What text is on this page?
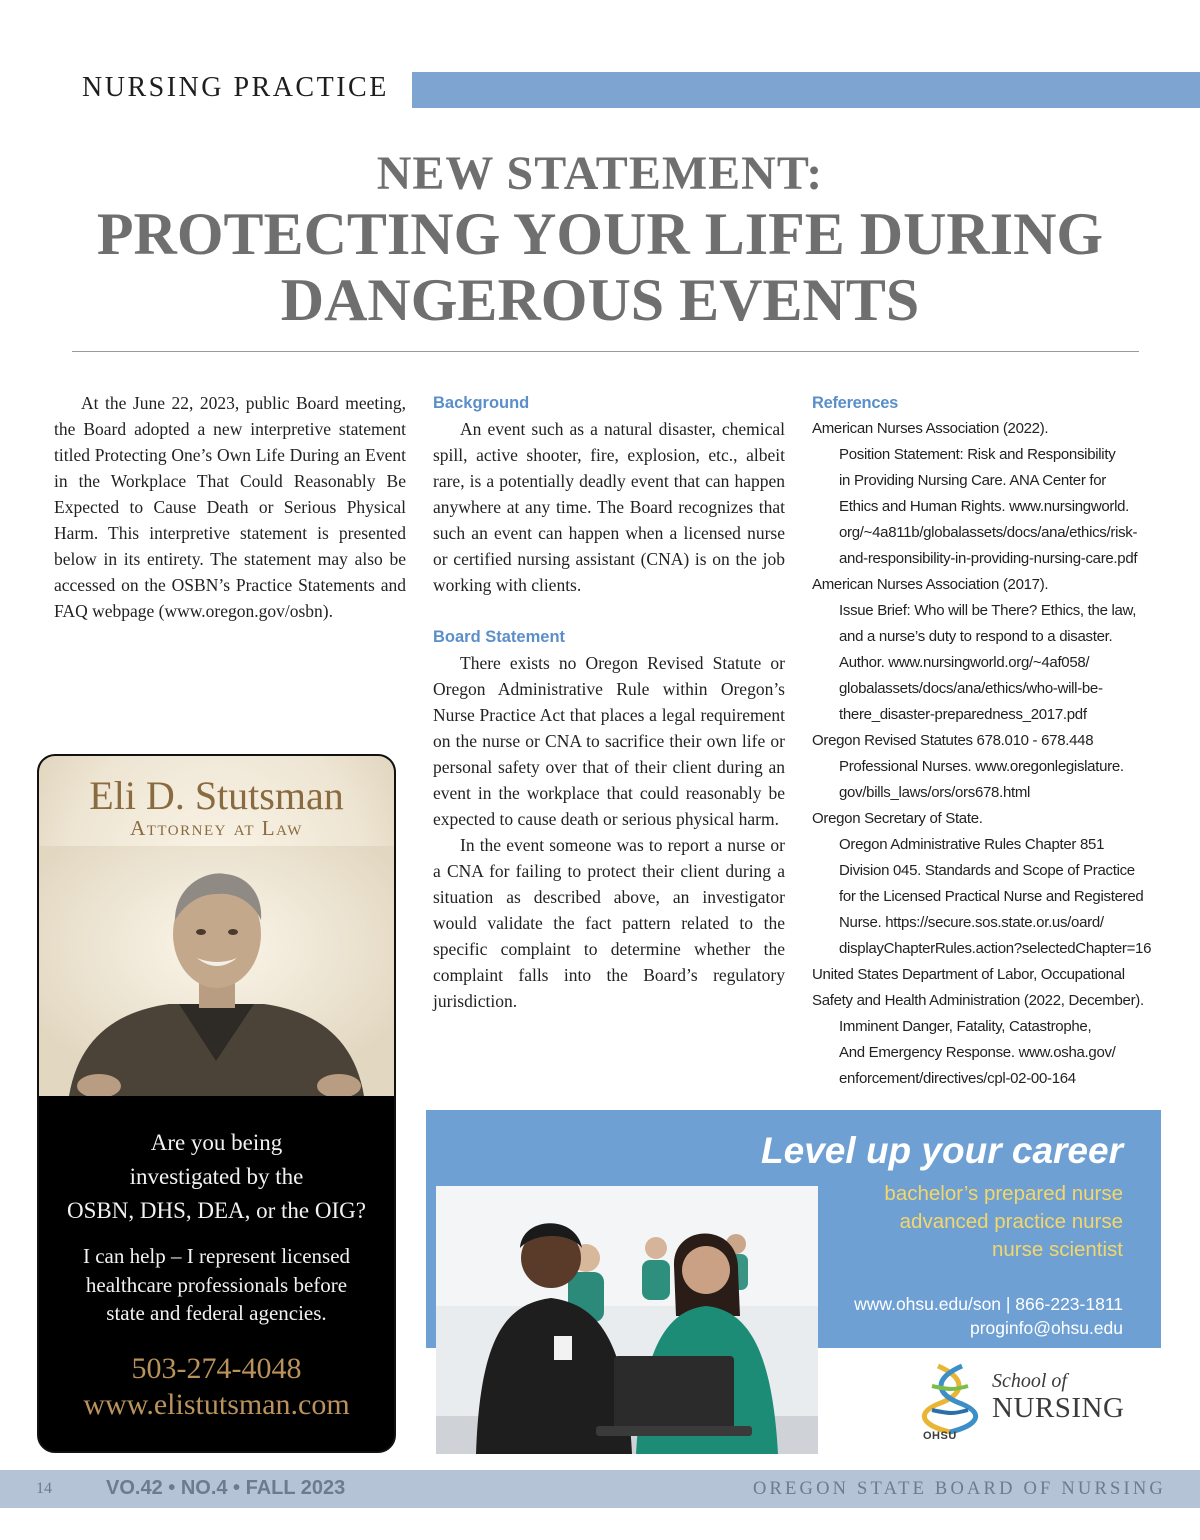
NURSING PRACTICE
NEW STATEMENT:
PROTECTING YOUR LIFE DURING
DANGEROUS EVENTS

At the June 22, 2023, public Board meeting, the Board adopted a new interpretive statement titled Protecting One’s Own Life During an Event in the Workplace That Could Reasonably Be Expected to Cause Death or Serious Physical Harm. This interpretive statement is presented below in its entirety. The statement may also be accessed on the OSBN’s Practice Statements and FAQ webpage (www.oregon.gov/osbn).

Background

An event such as a natural disaster, chemical spill, active shooter, fire, explosion, etc., albeit rare, is a potentially deadly event that can happen anywhere at any time. The Board recognizes that such an event can happen when a licensed nurse or certified nursing assistant (CNA) is on the job working with clients.

Board Statement

There exists no Oregon Revised Statute or Oregon Administrative Rule within Oregon’s Nurse Practice Act that places a legal requirement on the nurse or CNA to sacrifice their own life or personal safety over that of their client during an event in the workplace that could reasonably be expected to cause death or serious physical harm.

In the event someone was to report a nurse or a CNA for failing to protect their client during a situation as described above, an investigator would validate the fact pattern related to the specific complaint to determine whether the complaint falls into the Board’s regulatory jurisdiction.

References
American Nurses Association (2022).
Position Statement: Risk and Responsibility
in Providing Nursing Care. ANA Center for
Ethics and Human Rights. www.nursingworld.
org/~4a811b/globalassets/docs/ana/ethics/risk-
and-responsibility-in-providing-nursing-care.pdf
American Nurses Association (2017).
Issue Brief: Who will be There? Ethics, the law,
and a nurse’s duty to respond to a disaster.
Author. www.nursingworld.org/~4af058/
globalassets/docs/ana/ethics/who-will-be-
there_disaster-preparedness_2017.pdf
Oregon Revised Statutes 678.010 - 678.448
Professional Nurses. www.oregonlegislature.
gov/bills_laws/ors/ors678.html
Oregon Secretary of State.
Oregon Administrative Rules Chapter 851
Division 045. Standards and Scope of Practice
for the Licensed Practical Nurse and Registered
Nurse. https://secure.sos.state.or.us/oard/
displayChapterRules.action?selectedChapter=16
United States Department of Labor, Occupational
Safety and Health Administration (2022, December).
Imminent Danger, Fatality, Catastrophe,
And Emergency Response. www.osha.gov/
enforcement/directives/cpl-02-00-164
Eli D. Stutsman
Attorney at Law
Are you being
investigated by the
OSBN, DHS, DEA, or the OIG?
I can help – I represent licensed
healthcare professionals before
state and federal agencies.
503-274-4048
www.elistutsman.com
Level up your career
bachelor’s prepared nurse
advanced practice nurse
nurse scientist
www.ohsu.edu/son | 866-223-1811
proginfo@ohsu.edu
School of
NURSING
OHSU
14	VO.42 • NO.4 • FALL 2023	OREGON STATE BOARD OF NURSING
